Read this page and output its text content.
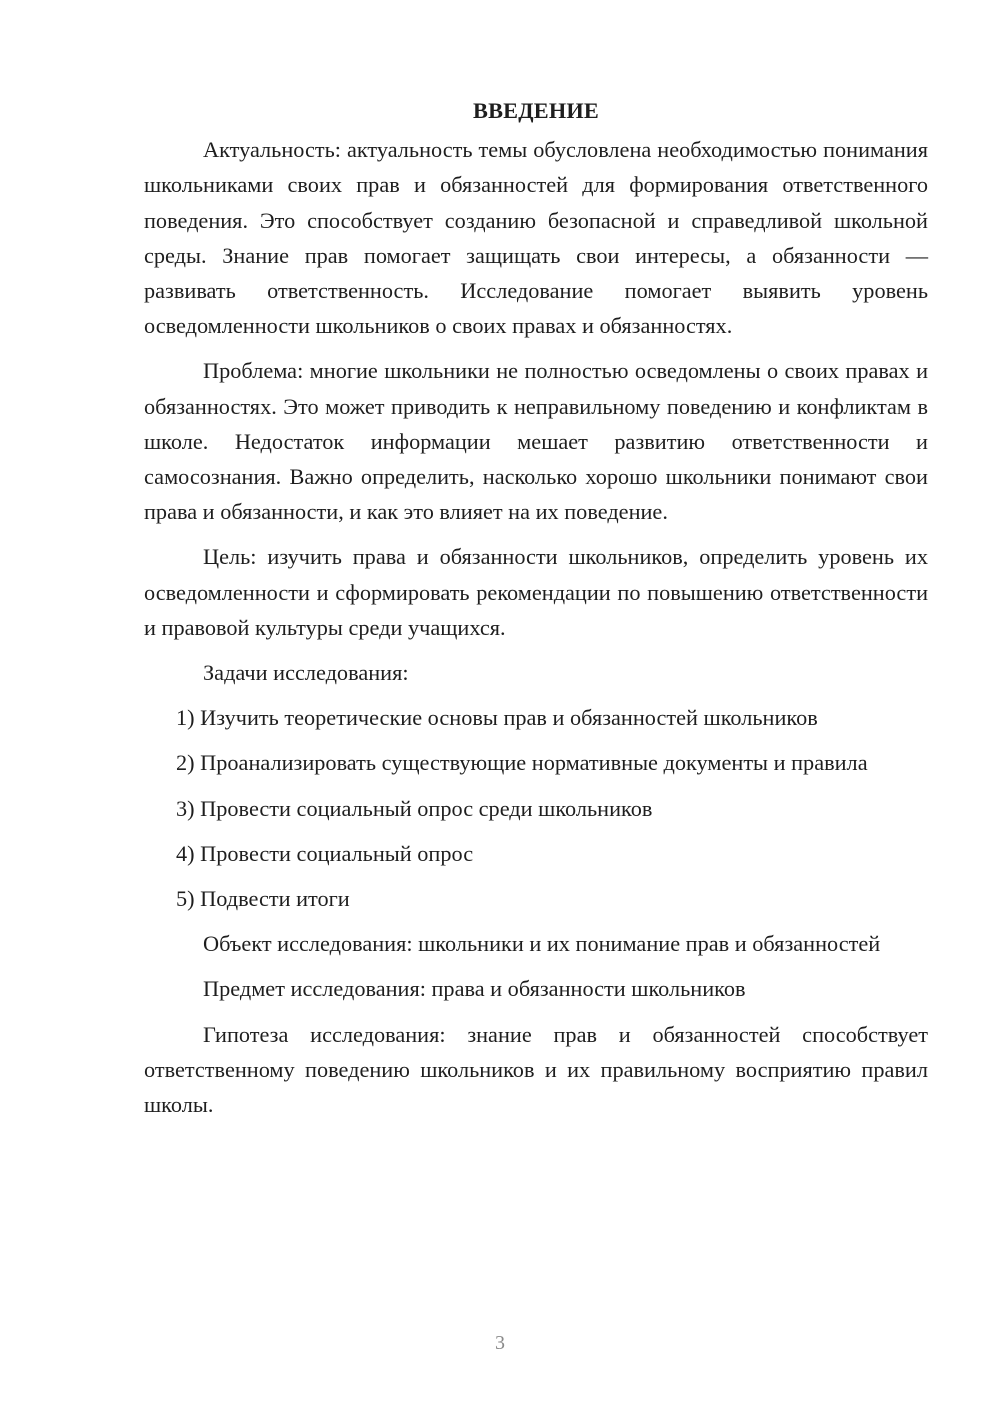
ВВЕДЕНИЕ

Актуальность: актуальность темы обусловлена необходимостью понимания школьниками своих прав и обязанностей для формирования ответственного поведения. Это способствует созданию безопасной и справедливой школьной среды. Знание прав помогает защищать свои интересы, а обязанности — развивать ответственность. Исследование помогает выявить уровень осведомленности школьников о своих правах и обязанностях.

Проблема: многие школьники не полностью осведомлены о своих правах и обязанностях. Это может приводить к неправильному поведению и конфликтам в школе. Недостаток информации мешает развитию ответственности и самосознания. Важно определить, насколько хорошо школьники понимают свои права и обязанности, и как это влияет на их поведение.

Цель: изучить права и обязанности школьников, определить уровень их осведомленности и сформировать рекомендации по повышению ответственности и правовой культуры среди учащихся.

Задачи исследования:

1) Изучить теоретические основы прав и обязанностей школьников

2) Проанализировать существующие нормативные документы и правила

3) Провести социальный опрос среди школьников

4) Провести социальный опрос

5) Подвести итоги

Объект исследования: школьники и их понимание прав и обязанностей

Предмет исследования: права и обязанности школьников

Гипотеза исследования: знание прав и обязанностей способствует ответственному поведению школьников и их правильному восприятию правил школы.

3
